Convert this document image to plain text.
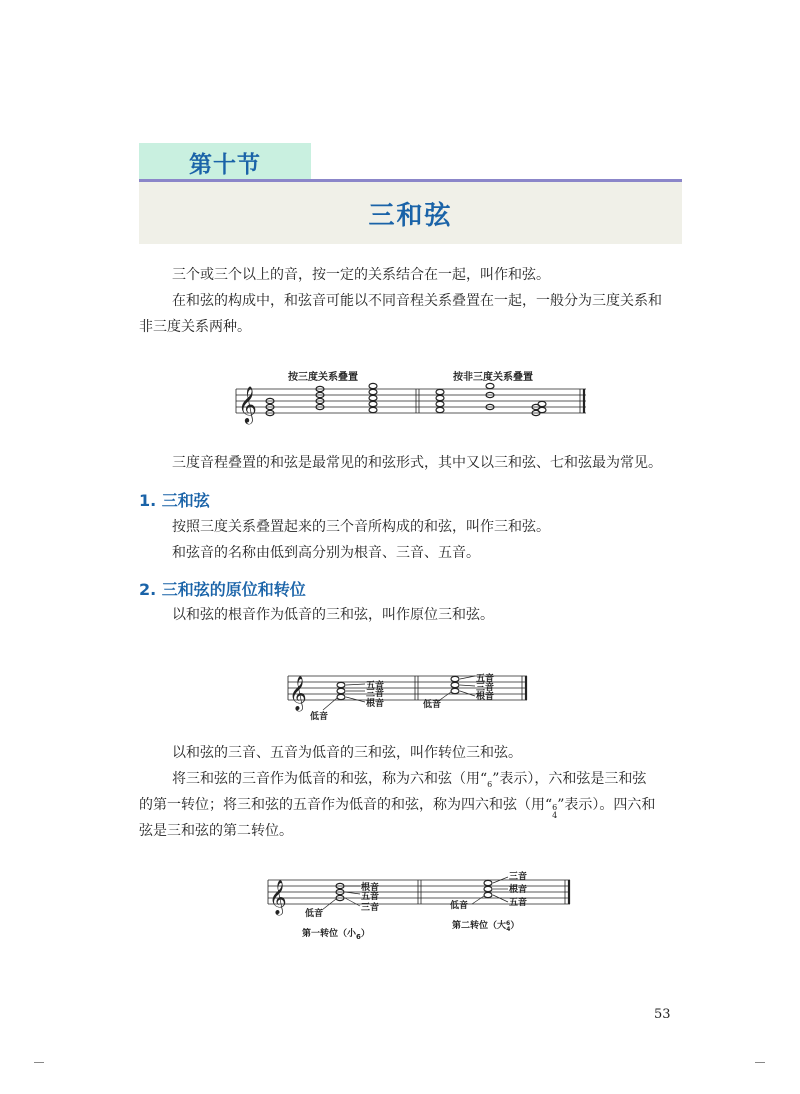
第十节
三和弦
三个或三个以上的音，按一定的关系结合在一起，叫作和弦。
在和弦的构成中，和弦音可能以不同音程关系叠置在一起，一般分为三度关系和
非三度关系两种。
按三度关系叠置	按非三度关系叠置
𝄞
三度音程叠置的和弦是最常见的和弦形式，其中又以三和弦、七和弦最为常见。
1. 三和弦
按照三度关系叠置起来的三个音所构成的和弦，叫作三和弦。
和弦音的名称由低到高分别为根音、三音、五音。
2. 三和弦的原位和转位
以和弦的根音作为低音的三和弦，叫作原位三和弦。
𝄞	五音
三音
根音
低音
五音
三音
根音
低音
以和弦的三音、五音为低音的三和弦，叫作转位三和弦。
将三和弦的三音作为低音的和弦，称为六和弦（用“$_6$”表示），六和弦是三和弦
的第一转位；将三和弦的五音作为低音的和弦，称为四六和弦（用“ 6
4
”表示）。四六和
弦是三和弦的第二转位。
𝄞	根音
五音
三音
低音
三音
根音
五音
低音
第一转位（小$_6$）
第二转位（大$^6$ 4）
53
